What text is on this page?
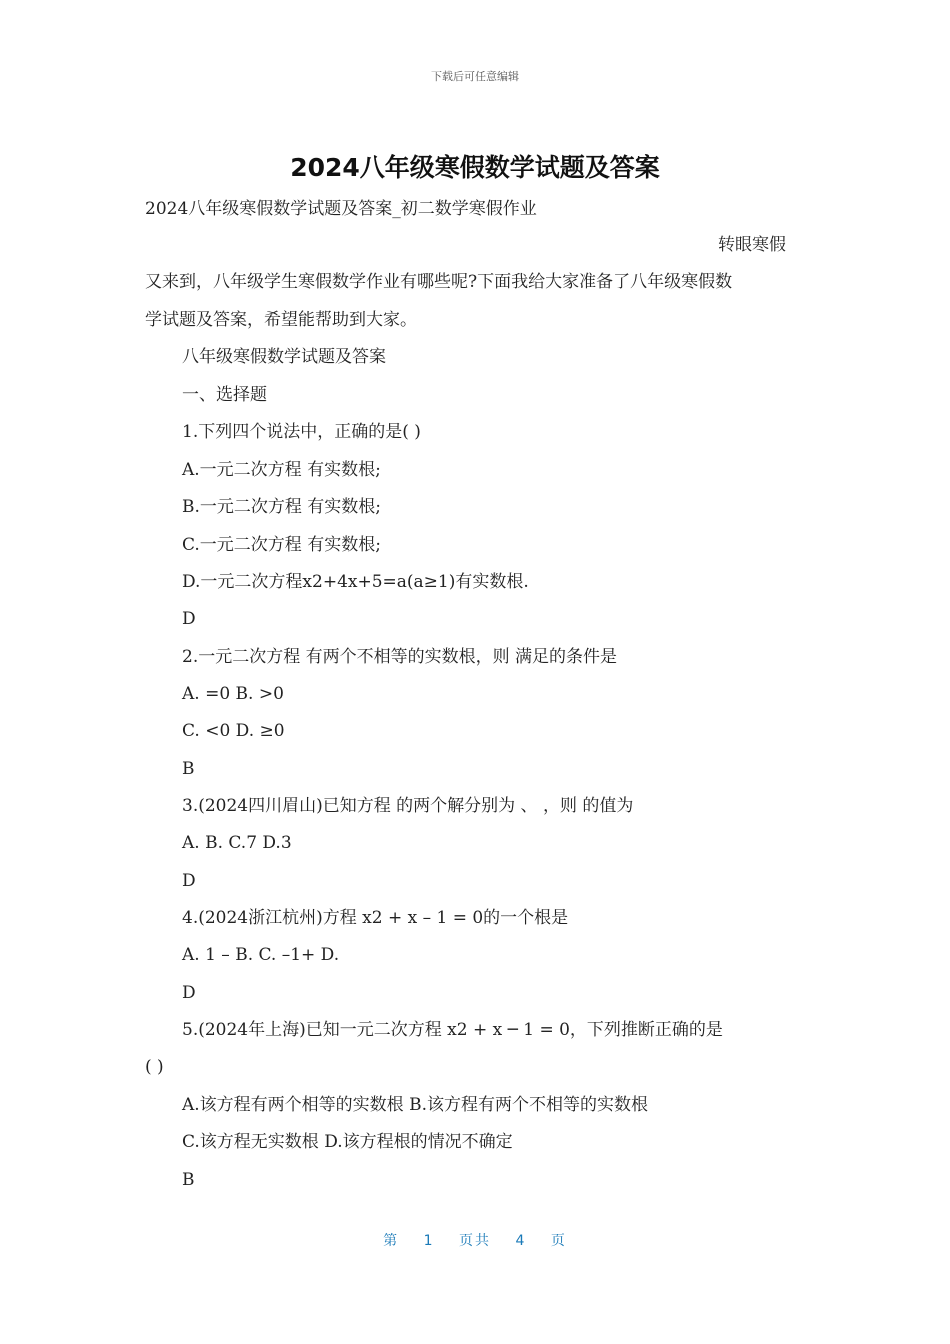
下载后可任意编辑
2024八年级寒假数学试题及答案
2024八年级寒假数学试题及答案_初二数学寒假作业
转眼寒假
又来到，八年级学生寒假数学作业有哪些呢?下面我给大家准备了八年级寒假数
学试题及答案，希望能帮助到大家。
八年级寒假数学试题及答案
一、选择题
1.下列四个说法中，正确的是( )
A.一元二次方程 有实数根;
B.一元二次方程 有实数根;
C.一元二次方程 有实数根;
D.一元二次方程x2+4x+5=a(a≥1)有实数根.
D
2.一元二次方程 有两个不相等的实数根，则 满足的条件是
A. =0 B. >0
C. <0 D. ≥0
B
3.(2024四川眉山)已知方程 的两个解分别为 、 ，则 的值为
A. B. C.7 D.3
D
4.(2024浙江杭州)方程 x2 + x – 1 = 0的一个根是
A. 1 – B. C. –1+ D.
D
5.(2024年上海)已知一元二次方程 x2 + x ─ 1 = 0，下列推断正确的是
( )
A.该方程有两个相等的实数根 B.该方程有两个不相等的实数根
C.该方程无实数根 D.该方程根的情况不确定
B
第 1 页共 4 页
